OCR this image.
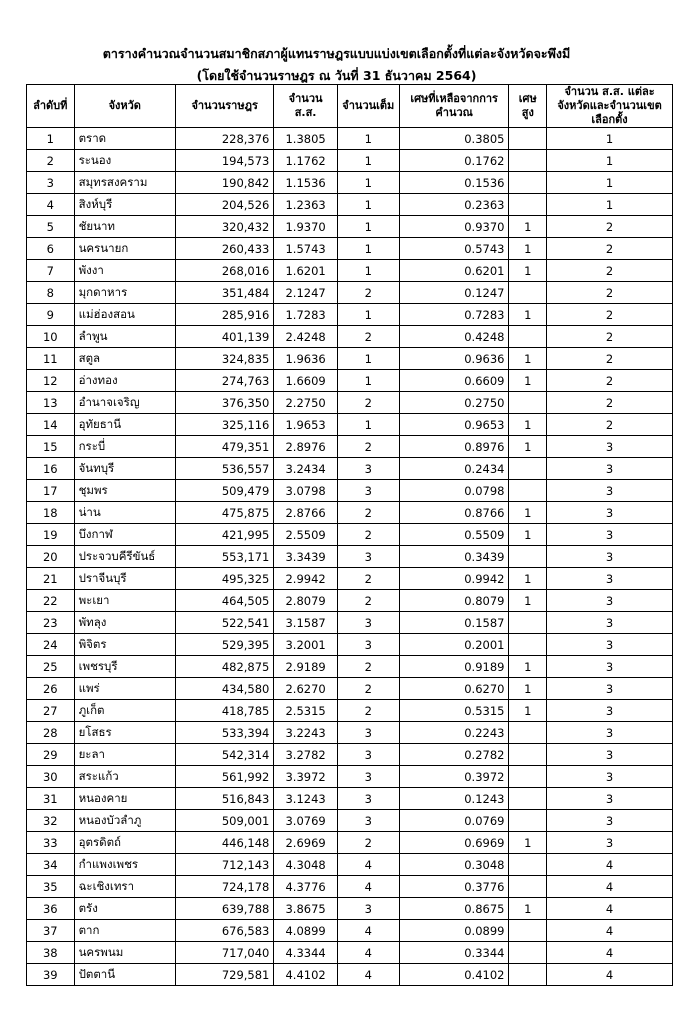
ตารางคำนวณจำนวนสมาชิกสภาผู้แทนราษฎรแบบแบ่งเขตเลือกตั้งที่แต่ละจังหวัดจะพึงมี
(โดยใช้จำนวนราษฎร ณ วันที่ 31 ธันวาคม 2564)
ลำดับที่	จังหวัด	จำนวนราษฎร	จำนวน ส.ส.	จำนวนเต็ม	เศษที่เหลือจากการคำนวณ	เศษสูง	จำนวน ส.ส. แต่ละจังหวัดและจำนวนเขตเลือกตั้ง
1	ตราด	228,376	1.3805	1	0.3805		1
2	ระนอง	194,573	1.1762	1	0.1762		1
3	สมุทรสงคราม	190,842	1.1536	1	0.1536		1
4	สิงห์บุรี	204,526	1.2363	1	0.2363		1
5	ชัยนาท	320,432	1.9370	1	0.9370	1	2
6	นครนายก	260,433	1.5743	1	0.5743	1	2
7	พังงา	268,016	1.6201	1	0.6201	1	2
8	มุกดาหาร	351,484	2.1247	2	0.1247		2
9	แม่ฮ่องสอน	285,916	1.7283	1	0.7283	1	2
10	ลำพูน	401,139	2.4248	2	0.4248		2
11	สตูล	324,835	1.9636	1	0.9636	1	2
12	อ่างทอง	274,763	1.6609	1	0.6609	1	2
13	อำนาจเจริญ	376,350	2.2750	2	0.2750		2
14	อุทัยธานี	325,116	1.9653	1	0.9653	1	2
15	กระบี่	479,351	2.8976	2	0.8976	1	3
16	จันทบุรี	536,557	3.2434	3	0.2434		3
17	ชุมพร	509,479	3.0798	3	0.0798		3
18	น่าน	475,875	2.8766	2	0.8766	1	3
19	บึงกาฬ	421,995	2.5509	2	0.5509	1	3
20	ประจวบคีรีขันธ์	553,171	3.3439	3	0.3439		3
21	ปราจีนบุรี	495,325	2.9942	2	0.9942	1	3
22	พะเยา	464,505	2.8079	2	0.8079	1	3
23	พัทลุง	522,541	3.1587	3	0.1587		3
24	พิจิตร	529,395	3.2001	3	0.2001		3
25	เพชรบุรี	482,875	2.9189	2	0.9189	1	3
26	แพร่	434,580	2.6270	2	0.6270	1	3
27	ภูเก็ต	418,785	2.5315	2	0.5315	1	3
28	ยโสธร	533,394	3.2243	3	0.2243		3
29	ยะลา	542,314	3.2782	3	0.2782		3
30	สระแก้ว	561,992	3.3972	3	0.3972		3
31	หนองคาย	516,843	3.1243	3	0.1243		3
32	หนองบัวลำภู	509,001	3.0769	3	0.0769		3
33	อุตรดิตถ์	446,148	2.6969	2	0.6969	1	3
34	กำแพงเพชร	712,143	4.3048	4	0.3048		4
35	ฉะเชิงเทรา	724,178	4.3776	4	0.3776		4
36	ตรัง	639,788	3.8675	3	0.8675	1	4
37	ตาก	676,583	4.0899	4	0.0899		4
38	นครพนม	717,040	4.3344	4	0.3344		4
39	ปัตตานี	729,581	4.4102	4	0.4102		4
